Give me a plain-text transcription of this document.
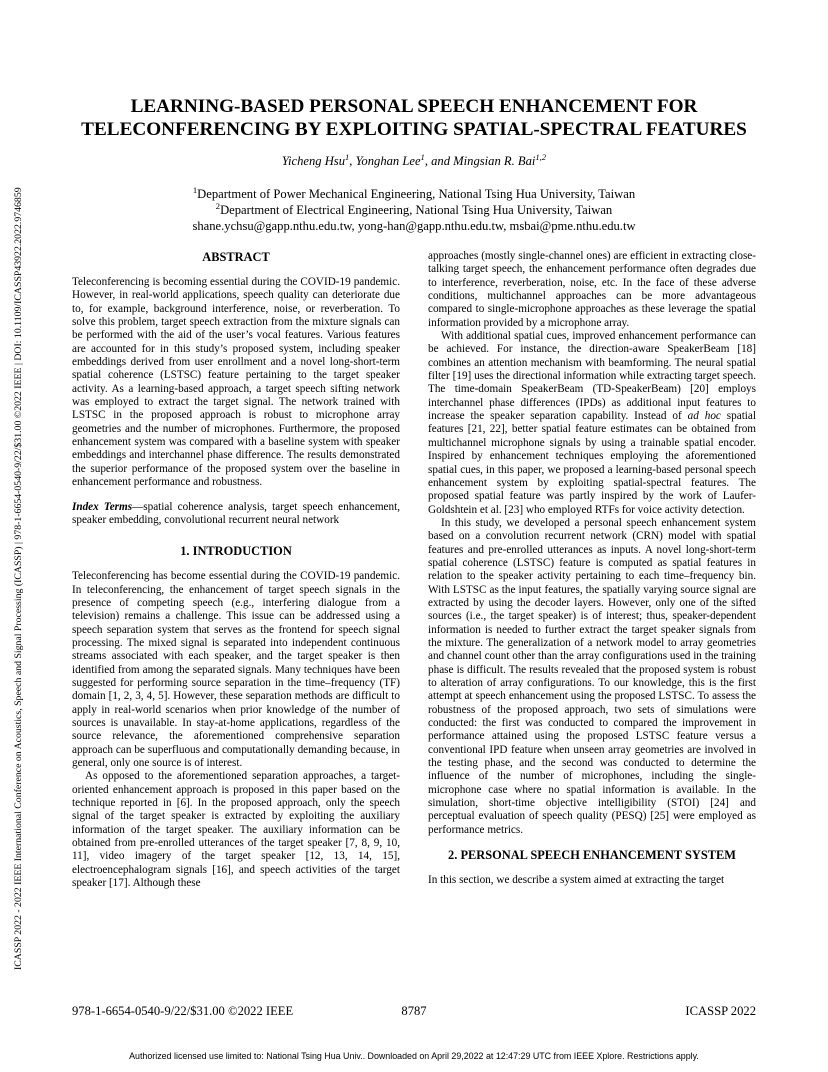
ICASSP 2022 - 2022 IEEE International Conference on Acoustics, Speech and Signal Processing (ICASSP) | 978-1-6654-0540-9/22/$31.00 ©2022 IEEE | DOI: 10.1109/ICASSP43922.2022.9746859
LEARNING-BASED PERSONAL SPEECH ENHANCEMENT FOR
TELECONFERENCING BY EXPLOITING SPATIAL-SPECTRAL FEATURES
Yicheng Hsu$^1$, Yonghan Lee$^1$, and Mingsian R. Bai$^{1,2}$
$^1$Department of Power Mechanical Engineering, National Tsing Hua University, Taiwan
$^2$Department of Electrical Engineering, National Tsing Hua University, Taiwan
shane.ychsu@gapp.nthu.edu.tw, yong-han@gapp.nthu.edu.tw, msbai@pme.nthu.edu.tw

ABSTRACT

Teleconferencing is becoming essential during the COVID-19 pandemic. However, in real-world applications, speech quality can deteriorate due to, for example, background interference, noise, or reverberation. To solve this problem, target speech extraction from the mixture signals can be performed with the aid of the user’s vocal features. Various features are accounted for in this study’s proposed system, including speaker embeddings derived from user enrollment and a novel long-short-term spatial coherence (LSTSC) feature pertaining to the target speaker activity. As a learning-based approach, a target speech sifting network was employed to extract the target signal. The network trained with LSTSC in the proposed approach is robust to microphone array geometries and the number of microphones. Furthermore, the proposed enhancement system was compared with a baseline system with speaker embeddings and interchannel phase difference. The results demonstrated the superior performance of the proposed system over the baseline in enhancement performance and robustness.

Index Terms—spatial coherence analysis, target speech enhancement, speaker embedding, convolutional recurrent neural network

1. INTRODUCTION

Teleconferencing has become essential during the COVID-19 pandemic. In teleconferencing, the enhancement of target speech signals in the presence of competing speech (e.g., interfering dialogue from a television) remains a challenge. This issue can be addressed using a speech separation system that serves as the frontend for speech signal processing. The mixed signal is separated into independent continuous streams associated with each speaker, and the target speaker is then identified from among the separated signals. Many techniques have been suggested for performing source separation in the time–frequency (TF) domain [1, 2, 3, 4, 5]. However, these separation methods are difficult to apply in real-world scenarios when prior knowledge of the number of sources is unavailable. In stay-at-home applications, regardless of the source relevance, the aforementioned comprehensive separation approach can be superfluous and computationally demanding because, in general, only one source is of interest.

As opposed to the aforementioned separation approaches, a target-oriented enhancement approach is proposed in this paper based on the technique reported in [6]. In the proposed approach, only the speech signal of the target speaker is extracted by exploiting the auxiliary information of the target speaker. The auxiliary information can be obtained from pre-enrolled utterances of the target speaker [7, 8, 9, 10, 11], video imagery of the target speaker [12, 13, 14, 15], electroencephalogram signals [16], and speech activities of the target speaker [17]. Although these

approaches (mostly single-channel ones) are efficient in extracting close-talking target speech, the enhancement performance often degrades due to interference, reverberation, noise, etc. In the face of these adverse conditions, multichannel approaches can be more advantageous compared to single-microphone approaches as these leverage the spatial information provided by a microphone array.

With additional spatial cues, improved enhancement performance can be achieved. For instance, the direction-aware SpeakerBeam [18] combines an attention mechanism with beamforming. The neural spatial filter [19] uses the directional information while extracting target speech. The time-domain SpeakerBeam (TD-SpeakerBeam) [20] employs interchannel phase differences (IPDs) as additional input features to increase the speaker separation capability. Instead of ad hoc spatial features [21, 22], better spatial feature estimates can be obtained from multichannel microphone signals by using a trainable spatial encoder. Inspired by enhancement techniques employing the aforementioned spatial cues, in this paper, we proposed a learning-based personal speech enhancement system by exploiting spatial-spectral features. The proposed spatial feature was partly inspired by the work of Laufer-Goldshtein et al. [23] who employed RTFs for voice activity detection.

In this study, we developed a personal speech enhancement system based on a convolution recurrent network (CRN) model with spatial features and pre-enrolled utterances as inputs. A novel long-short-term spatial coherence (LSTSC) feature is computed as spatial features in relation to the speaker activity pertaining to each time–frequency bin. With LSTSC as the input features, the spatially varying source signal are extracted by using the decoder layers. However, only one of the sifted sources (i.e., the target speaker) is of interest; thus, speaker-dependent information is needed to further extract the target speaker signals from the mixture. The generalization of a network model to array geometries and channel count other than the array configurations used in the training phase is difficult. The results revealed that the proposed system is robust to alteration of array configurations. To our knowledge, this is the first attempt at speech enhancement using the proposed LSTSC. To assess the robustness of the proposed approach, two sets of simulations were conducted: the first was conducted to compared the improvement in performance attained using the proposed LSTSC feature versus a conventional IPD feature when unseen array geometries are involved in the testing phase, and the second was conducted to determine the influence of the number of microphones, including the single-microphone case where no spatial information is available. In the simulation, short-time objective intelligibility (STOI) [24] and perceptual evaluation of speech quality (PESQ) [25] were employed as performance metrics.

2. PERSONAL SPEECH ENHANCEMENT SYSTEM

In this section, we describe a system aimed at extracting the target

978-1-6654-0540-9/22/$31.00 ©2022 IEEE	8787	ICASSP 2022
Authorized licensed use limited to: National Tsing Hua Univ.. Downloaded on April 29,2022 at 12:47:29 UTC from IEEE Xplore. Restrictions apply.
